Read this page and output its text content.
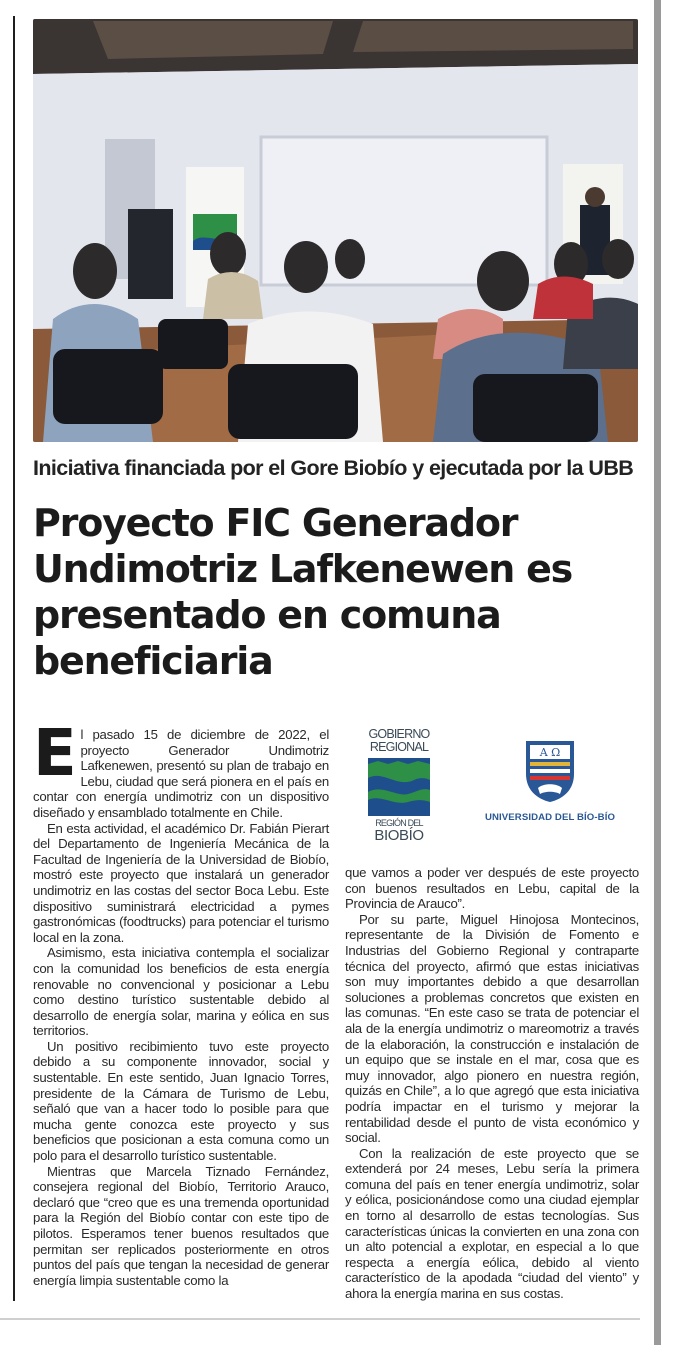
Iniciativa financiada por el Gore Biobío y ejecutada por la UBB
Proyecto FIC Generador Undimotriz Lafkenewen es presentado en comuna beneficiaria
GOBIERNO
REGIONAL
REGIÓN DEL
BIOBÍO
A Ω
UNIVERSIDAD DEL BÍO-BÍO
E l pasado 15 de diciembre de 2022, el proyecto Generador Undimotriz Lafkenewen, presentó su plan de trabajo en Lebu, ciudad que será pionera en el país en contar con energía undimotriz con un dispositivo diseñado y ensamblado totalmente en Chile.

En esta actividad, el académico Dr. Fabián Pierart del Departamento de Ingeniería Mecánica de la Facultad de Ingeniería de la Universidad de Biobío, mostró este proyecto que instalará un generador undimotriz en las costas del sector Boca Lebu. Este dispositivo suministrará electricidad a pymes gastronómicas (foodtrucks) para potenciar el turismo local en la zona.

Asimismo, esta iniciativa contempla el socializar con la comunidad los beneficios de esta energía renovable no convencional y posicionar a Lebu como destino turístico sustentable debido al desarrollo de energía solar, marina y eólica en sus territorios.

Un positivo recibimiento tuvo este proyecto debido a su componente innovador, social y sustentable. En este sentido, Juan Ignacio Torres, presidente de la Cámara de Turismo de Lebu, señaló que van a hacer todo lo posible para que mucha gente conozca este proyecto y sus beneficios que posicionan a esta comuna como un polo para el desarrollo turístico sustentable.

Mientras que Marcela Tiznado Fernández, consejera regional del Biobío, Territorio Arauco, declaró que “creo que es una tremenda oportunidad para la Región del Biobío contar con este tipo de pilotos. Esperamos tener buenos resultados que permitan ser replicados posteriormente en otros puntos del país que tengan la necesidad de generar energía limpia sustentable como la

que vamos a poder ver después de este proyecto con buenos resultados en Lebu, capital de la Provincia de Arauco”.

Por su parte, Miguel Hinojosa Montecinos, representante de la División de Fomento e Industrias del Gobierno Regional y contraparte técnica del proyecto, afirmó que estas iniciativas son muy importantes debido a que desarrollan soluciones a problemas concretos que existen en las comunas. “En este caso se trata de potenciar el ala de la energía undimotriz o mareomotriz a través de la elaboración, la construcción e instalación de un equipo que se instale en el mar, cosa que es muy innovador, algo pionero en nuestra región, quizás en Chile”, a lo que agregó que esta iniciativa podría impactar en el turismo y mejorar la rentabilidad desde el punto de vista económico y social.

Con la realización de este proyecto que se extenderá por 24 meses, Lebu sería la primera comuna del país en tener energía undimotriz, solar y eólica, posicionándose como una ciudad ejemplar en torno al desarrollo de estas tecnologías. Sus características únicas la convierten en una zona con un alto potencial a explotar, en especial a lo que respecta a energía eólica, debido al viento característico de la apodada “ciudad del viento” y ahora la energía marina en sus costas.
